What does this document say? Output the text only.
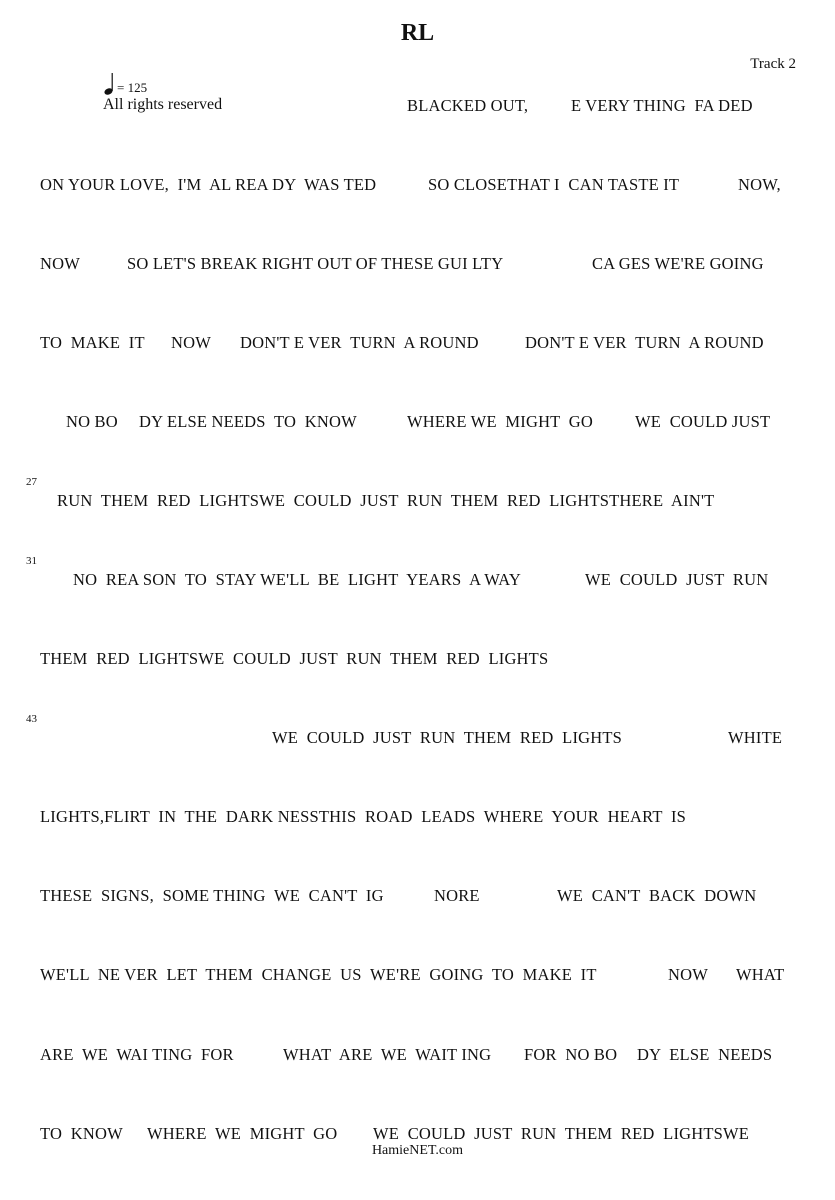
RL
Track 2
= 125
All rights reserved
27
31
43

BLACKED OUT,

	E VERY THING  FA DED

ON YOUR LOVE,  I'M  AL REA DY  WAS TED

	SO CLOSETHAT I  CAN TASTE IT

	NOW,

NOW

	SO LET'S BREAK RIGHT OUT OF THESE GUI LTY

	CA GES WE'RE GOING

TO  MAKE  IT

NOW

DON'T E VER  TURN  A ROUND

	DON'T E VER  TURN  A ROUND

NO BO

DY ELSE NEEDS  TO  KNOW

	WHERE WE  MIGHT  GO

	WE  COULD JUST

RUN  THEM  RED  LIGHTSWE  COULD  JUST  RUN  THEM  RED  LIGHTSTHERE  AIN'T

NO  REA SON  TO  STAY WE'LL  BE  LIGHT  YEARS  A WAY

	WE  COULD  JUST  RUN

THEM  RED  LIGHTSWE  COULD  JUST  RUN  THEM  RED  LIGHTS

WE  COULD  JUST  RUN  THEM  RED  LIGHTS

	WHITE

LIGHTS,FLIRT  IN  THE  DARK NESSTHIS  ROAD  LEADS  WHERE  YOUR  HEART  IS

THESE  SIGNS,  SOME THING  WE  CAN'T  IG

	NORE

	WE  CAN'T  BACK  DOWN

WE'LL  NE VER  LET  THEM  CHANGE  US  WE'RE  GOING  TO  MAKE  IT

	NOW

WHAT

ARE  WE  WAI TING  FOR

	WHAT  ARE  WE  WAIT ING

FOR  NO BO

DY  ELSE  NEEDS

TO  KNOW

WHERE  WE  MIGHT  GO

WE  COULD  JUST  RUN  THEM  RED  LIGHTSWE

HamieNET.com
